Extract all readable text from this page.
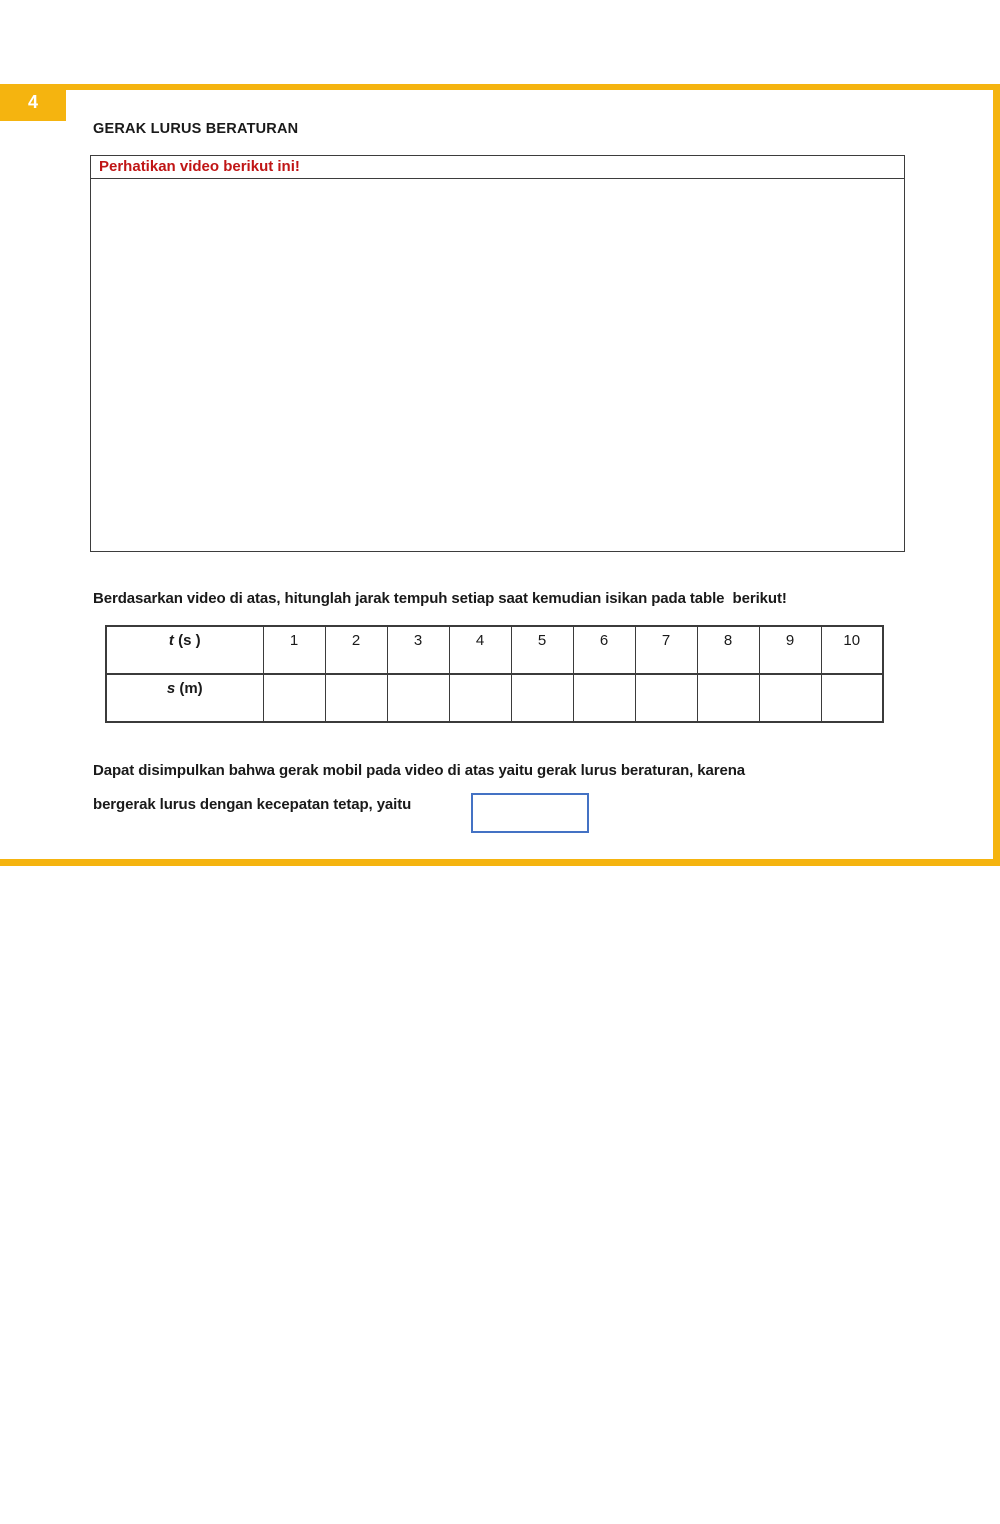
4
GERAK LURUS BERATURAN
Perhatikan video berikut ini!
Berdasarkan video di atas, hitunglah jarak tempuh setiap saat kemudian isikan pada table  berikut!
t (s )	1	2	3	4	5	6	7	8	9	10
s (m)										
Dapat disimpulkan bahwa gerak mobil pada video di atas yaitu gerak lurus beraturan, karena
bergerak lurus dengan kecepatan tetap, yaitu
